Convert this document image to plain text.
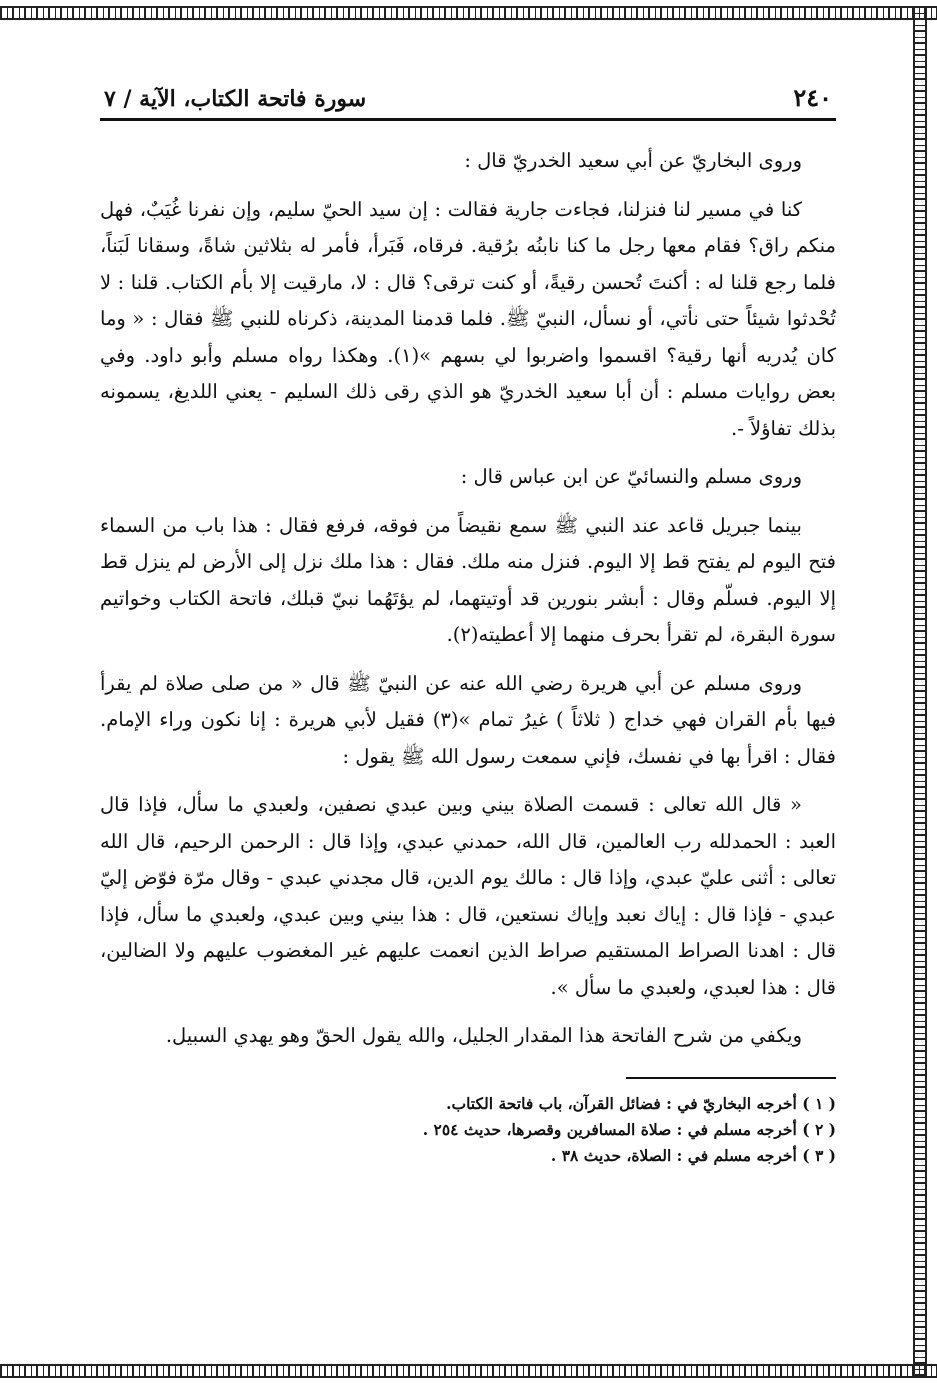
٢٤٠
سورة فاتحة الكتاب، الآية / ٧

وروى البخاريّ عن أبي سعيد الخدريّ قال :

كنا في مسير لنا فنزلنا، فجاءت جارية فقالت : إن سيد الحيّ سليم، وإن نفرنا غُيَبٌ، فهل منكم راق؟ فقام معها رجل ما كنا نابنُه برُقية. فرقاه، فَبَرأ، فأمر له بثلاثين شاةً، وسقانا لَبَناً، فلما رجع قلنا له : أكنتَ تُحسن رقيةً، أو كنت ترقى؟ قال : لا، مارقيت إلا بأم الكتاب. قلنا : لا تُحْدثوا شيئاً حتى نأتي، أو نسأل، النبيّ ﷺ. فلما قدمنا المدينة، ذكرناه للنبي ﷺ فقال : « وما كان يُدريه أنها رقية؟ اقسموا واضربوا لي بسهم »(١). وهكذا رواه مسلم وأبو داود. وفي بعض روايات مسلم : أن أبا سعيد الخدريّ هو الذي رقى ذلك السليم - يعني اللديغ، يسمونه بذلك تفاؤلاً -.

وروى مسلم والنسائيّ عن ابن عباس قال :

بينما جبريل قاعد عند النبي ﷺ سمع نقيضاً من فوقه، فرفع فقال : هذا باب من السماء فتح اليوم لم يفتح قط إلا اليوم. فنزل منه ملك. فقال : هذا ملك نزل إلى الأرض لم ينزل قط إلا اليوم. فسلّم وقال : أبشر بنورين قد أوتيتهما، لم يؤتَهُما نبيّ قبلك، فاتحة الكتاب وخواتيم سورة البقرة، لم تقرأ بحرف منهما إلا أعطيته(٢).

وروى مسلم عن أبي هريرة رضي الله عنه عن النبيّ ﷺ قال « من صلى صلاة لم يقرأ فيها بأم القران فهي خداج ( ثلاثاً ) غيرُ تمام »(٣) فقيل لأبي هريرة : إنا نكون وراء الإمام. فقال : اقرأ بها في نفسك، فإني سمعت رسول الله ﷺ يقول :

« قال الله تعالى : قسمت الصلاة بيني وبين عبدي نصفين، ولعبدي ما سأل، فإذا قال العبد : الحمدلله رب العالمين، قال الله، حمدني عبدي، وإذا قال : الرحمن الرحيم، قال الله تعالى : أثنى عليّ عبدي، وإذا قال : مالك يوم الدين، قال مجدني عبدي - وقال مرّة فوّض إليّ عبدي - فإذا قال : إياك نعبد وإياك نستعين، قال : هذا بيني وبين عبدي، ولعبدي ما سأل، فإذا قال : اهدنا الصراط المستقيم صراط الذين انعمت عليهم غير المغضوب عليهم ولا الضالين، قال : هذا لعبدي، ولعبدي ما سأل ».

ويكفي من شرح الفاتحة هذا المقدار الجليل، والله يقول الحقّ وهو يهدي السبيل.

( ١ ) أخرجه البخاريّ في : فضائل القرآن، باب فاتحة الكتاب.
( ٢ ) أخرجه مسلم في : صلاة المسافرين وقصرها، حديث ٢٥٤ .
( ٣ ) أخرجه مسلم في : الصلاة، حديث ٣٨ .
